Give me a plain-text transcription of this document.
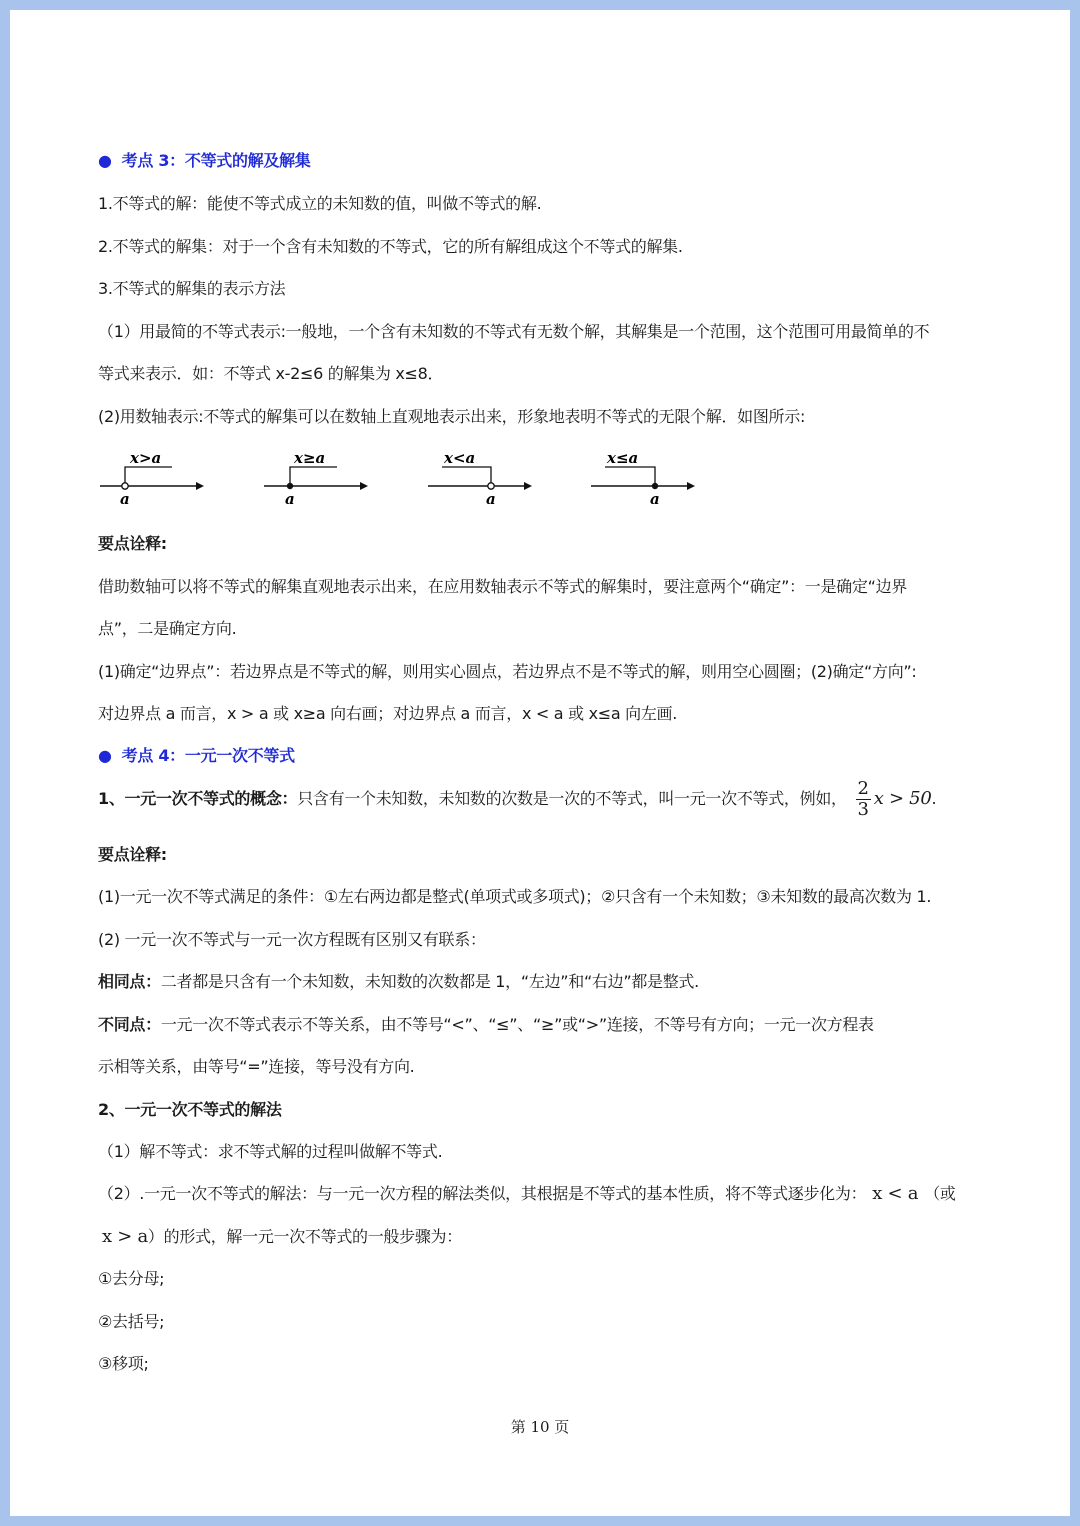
● 考点 3：不等式的解及解集
1.不等式的解：能使不等式成立的未知数的值，叫做不等式的解.
2.不等式的解集：对于一个含有未知数的不等式，它的所有解组成这个不等式的解集.
3.不等式的解集的表示方法
（1）用最简的不等式表示:一般地，一个含有未知数的不等式有无数个解，其解集是一个范围，这个范围可用最简单的不
等式来表示．如：不等式 x-2≤6 的解集为 x≤8．
(2)用数轴表示:不等式的解集可以在数轴上直观地表示出来，形象地表明不等式的无限个解．如图所示:
x>a
a
x≥a
a
x<a
a
x≤a
a
要点诠释:
借助数轴可以将不等式的解集直观地表示出来，在应用数轴表示不等式的解集时，要注意两个“确定”：一是确定“边界
点”，二是确定方向.
(1)确定“边界点”：若边界点是不等式的解，则用实心圆点，若边界点不是不等式的解，则用空心圆圈；(2)确定“方向”:
对边界点 a 而言，x > a 或 x≥a 向右画；对边界点 a 而言，x < a 或 x≤a 向左画.
● 考点 4：一元一次不等式
1、一元一次不等式的概念：只含有一个未知数，未知数的次数是一次的不等式，叫一元一次不等式，例如， $\frac{2}{3}$ x > 50.
要点诠释:
(1)一元一次不等式满足的条件：①左右两边都是整式(单项式或多项式)；②只含有一个未知数；③未知数的最高次数为 1.
(2) 一元一次不等式与一元一次方程既有区别又有联系：
相同点：二者都是只含有一个未知数，未知数的次数都是 1，“左边”和“右边”都是整式.
不同点：一元一次不等式表示不等关系，由不等号“<”、“≤”、“≥”或“>”连接，不等号有方向；一元一次方程表
示相等关系，由等号“=”连接，等号没有方向.
2、一元一次不等式的解法
（1）解不等式：求不等式解的过程叫做解不等式.
（2）.一元一次不等式的解法：与一元一次方程的解法类似，其根据是不等式的基本性质，将不等式逐步化为： x < a （或
x > a）的形式，解一元一次不等式的一般步骤为：
①去分母;
②去括号;
③移项;
第 10 页
